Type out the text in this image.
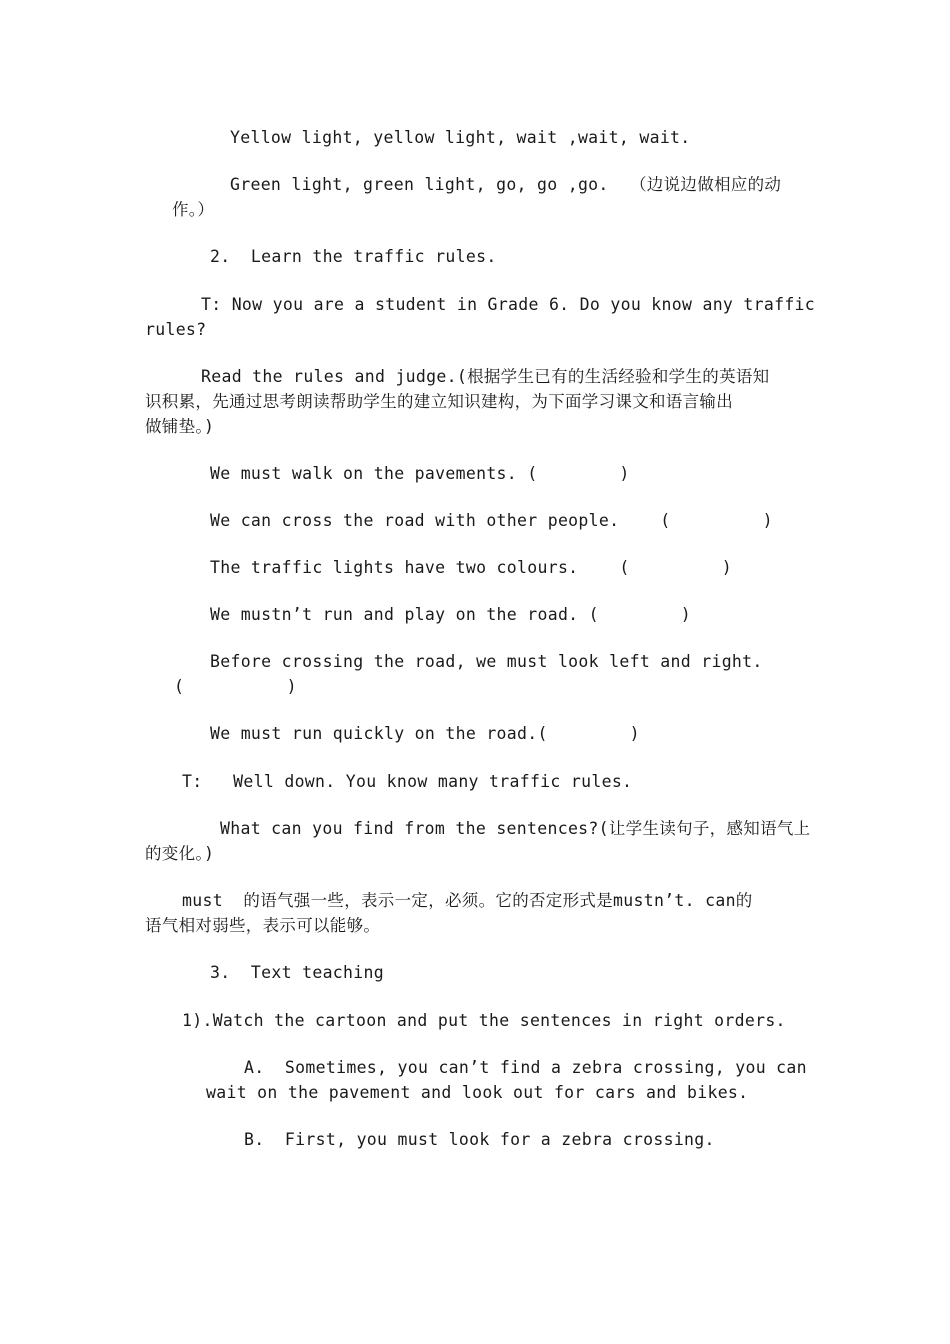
Yellow light, yellow light, wait ,wait, wait.
Green light, green light, go, go ,go. （边说边做相应的动
作。）
2.  Learn the traffic rules.
T: Now you are a student in Grade 6. Do you know any traffic
rules?
Read the rules and judge.(根据学生已有的生活经验和学生的英语知
识积累，先通过思考朗读帮助学生的建立知识建构，为下面学习课文和语言输出
做铺垫。)
We must walk on the pavements. (        )
We can cross the road with other people.    (         )
The traffic lights have two colours.    (         )
We mustn’t run and play on the road. (        )
Before crossing the road, we must look left and right.
(          )
We must run quickly on the road.(        )
T:   Well down. You know many traffic rules.
What can you find from the sentences?(让学生读句子，感知语气上
的变化。)
must  的语气强一些，表示一定，必须。它的否定形式是mustn’t. can的
语气相对弱些，表示可以能够。
3.  Text teaching
1).Watch the cartoon and put the sentences in right orders.
A.  Sometimes, you can’t find a zebra crossing, you can
wait on the pavement and look out for cars and bikes.
B.  First, you must look for a zebra crossing.
